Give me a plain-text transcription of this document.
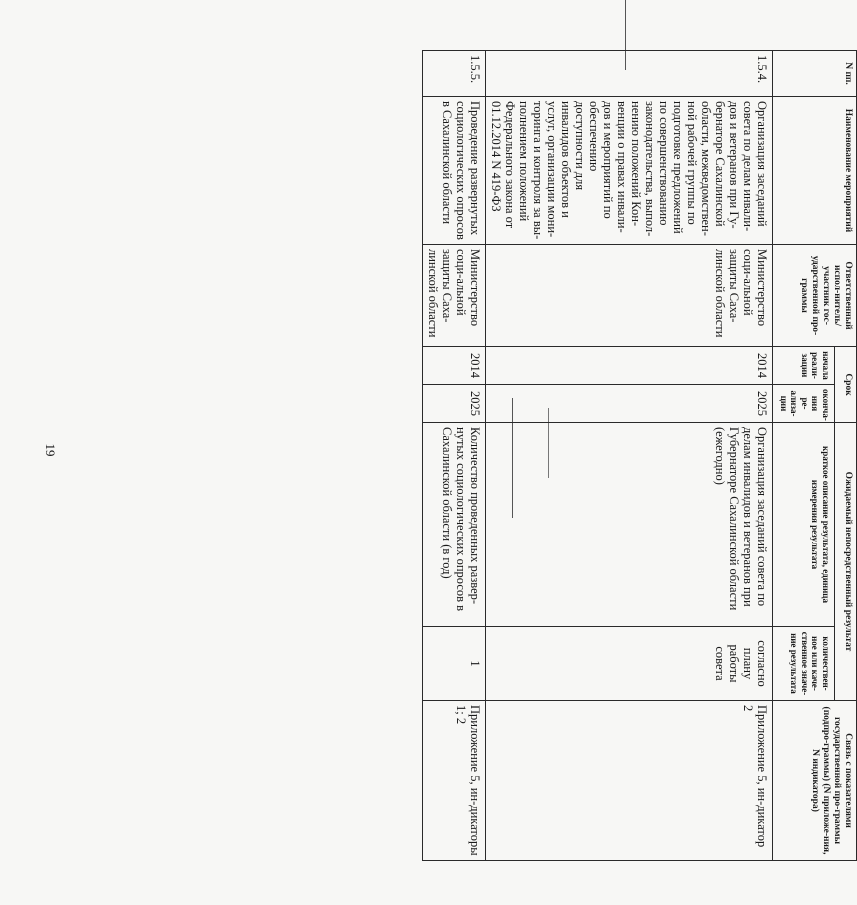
19
N пп.	Наименование мероприятий	Ответственный испол-нитель/участник гос-ударственной про-граммы	Срок		Ожидаемый непосредственный результат		Связь с показателями государственной про-граммы (подпро-граммы) (N приложе-ния, N индикатора)
			начала реали-зации	оконча-ния ре-ализа-ции	краткое описание результата, единица измерения результата	количествен-ное или каче-ственное значе-ние результата	
1.5.4.	Организация заседаний совета по делам инвали-дов и ветеранов при Гу-бернаторе Сахалинской области, межведомствен-ной рабочей группы по подготовке предложений по совершенствованию законодательства, выпол-нению положений Кон-венции о правах инвали-дов и мероприятий по обеспечению доступности для инвалидов объектов и услуг, организации мони-торинга и контроля за вы-полнением положений Федерального закона от 01.12.2014 N 419-ФЗ	Министерство соци-альной защиты Саха-линской области	2014	2025	Организация заседаний совета по делам инвалидов и ветеранов при Губернаторе Сахалинской области (ежегодно)	согласно плану работы совета	Приложение 5, ин-дикатор 2
1.5.5.	Проведение развернутых социологических опросов в Сахалинской области	Министерство соци-альной защиты Саха-линской области	2014	2025	Количество проведенных развер-нутых социологических опросов в Сахалинской области (в год)	1	Приложение 5, ин-дикаторы 1; 2
